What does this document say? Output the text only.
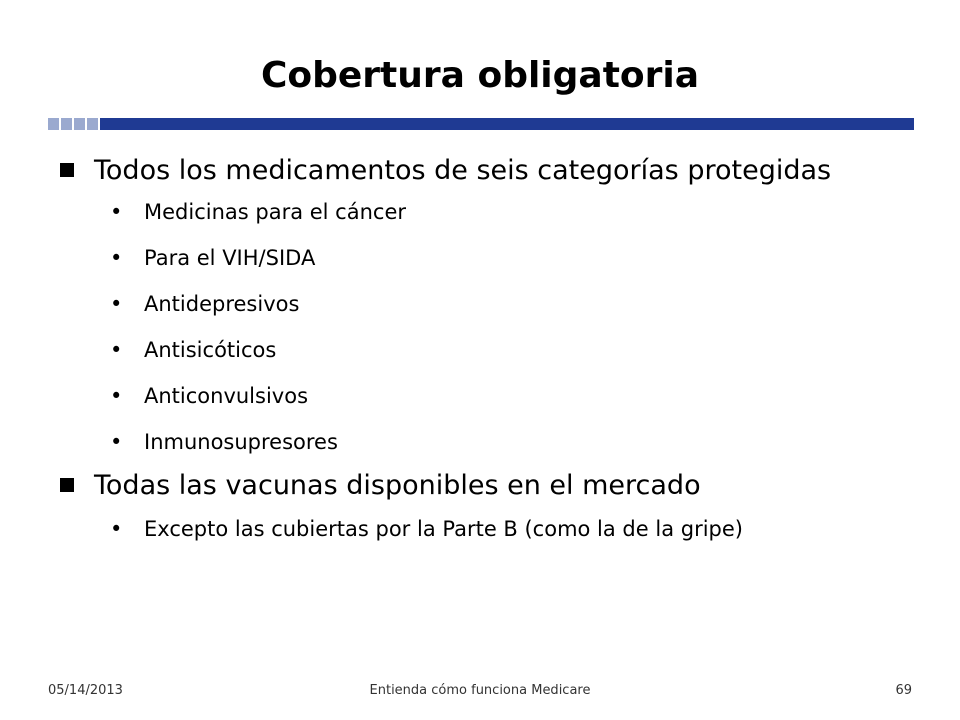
Cobertura obligatoria
Todos los medicamentos de seis categorías protegidas
• Medicinas para el cáncer
• Para el VIH/SIDA
• Antidepresivos
• Antisicóticos
• Anticonvulsivos
• Inmunosupresores
Todas las vacunas disponibles en el mercado
• Excepto las cubiertas por la Parte B (como la de la gripe)
05/14/2013	Entienda cómo funciona Medicare	69
